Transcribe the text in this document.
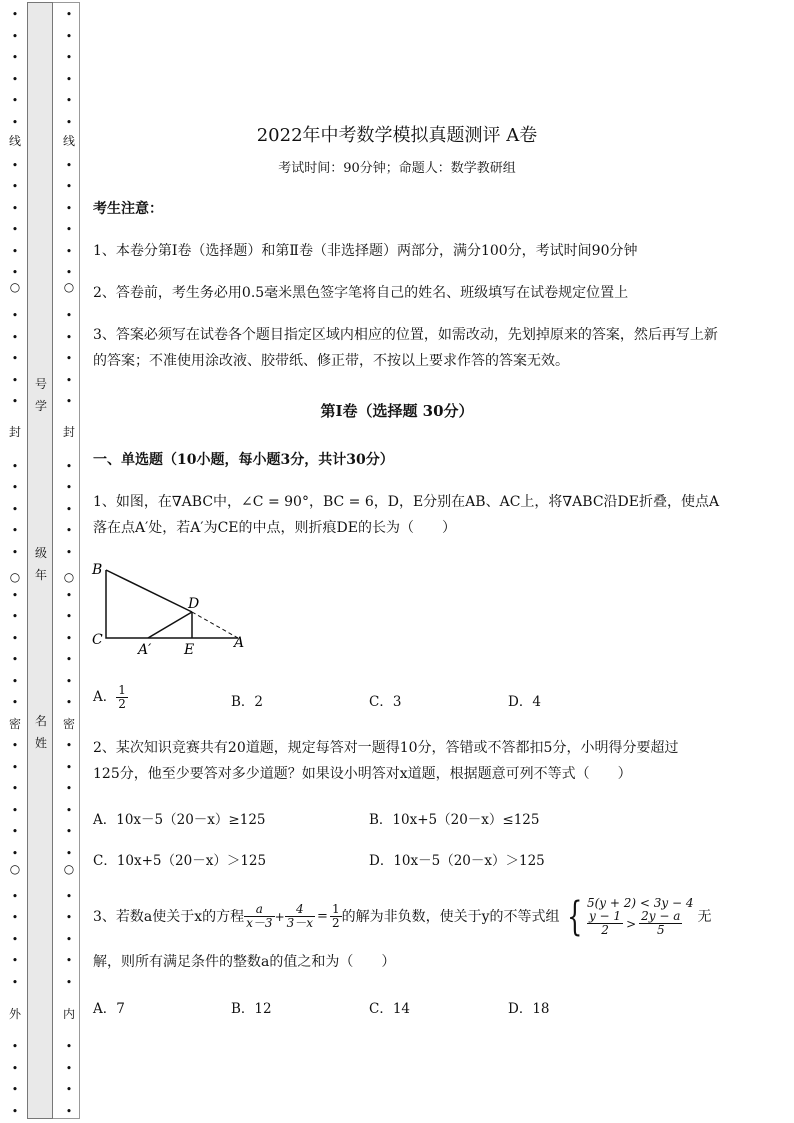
•
•
•
•
•
•
•
•
•
•
•
•
•
•
•
•
•
•
•
•
•
•
•
•
•
•
•
•
•
•
•
•
•
•
•
•
•
•
•
•
•
•
•
线
○
封
○
密
○
外
号
学
级
年
名
姓
•
•
•
•
•
•
•
•
•
•
•
•
•
•
•
•
•
•
•
•
•
•
•
•
•
•
•
•
•
•
•
•
•
•
•
•
•
•
•
•
•
•
•
线
○
封
○
密
○
内
2022年中考数学模拟真题测评 A卷
考试时间：90分钟；命题人：数学教研组
考生注意：
1、本卷分第Ⅰ卷（选择题）和第Ⅱ卷（非选择题）两部分，满分100分，考试时间90分钟
2、答卷前，考生务必用0.5毫米黑色签字笔将自己的姓名、班级填写在试卷规定位置上
3、答案必须写在试卷各个题目指定区域内相应的位置，如需改动，先划掉原来的答案，然后再写上新
的答案；不准使用涂改液、胶带纸、修正带，不按以上要求作答的答案无效。
第Ⅰ卷（选择题 30分）
一、单选题（10小题，每小题3分，共计30分）
1、如图，在∇ABC中，∠C = 90°，BC = 6，D，E分别在AB、AC上，将∇ABC沿DE折叠，使点A
落在点A′处，若A′为CE的中点，则折痕DE的长为（　　）
B
D
C
A′ E	A
A． $\frac{1}{2}$	B．2	C．3	D．4
2、某次知识竞赛共有20道题，规定每答对一题得10分，答错或不答都扣5分，小明得分要超过
125分，他至少要答对多少道题？如果设小明答对x道题，根据题意可列不等式（　　）
A．10x－5（20－x）≥125	B．10x+5（20－x）≤125
C．10x+5（20－x）＞125	D．10x－5（20－x）＞125
3、若数a使关于x的方程 $\frac{a}{x-3} + \frac{4}{3-x} = \frac{1}{2}$ 的解为非负数，使关于y的不等式组 { 5(y + 2) < 3y − 4
$\frac{y - 1}{2} > \frac{2y - a}{5}$ 无
解，则所有满足条件的整数a的值之和为（　　）
A．7	B．12	C．14	D．18
